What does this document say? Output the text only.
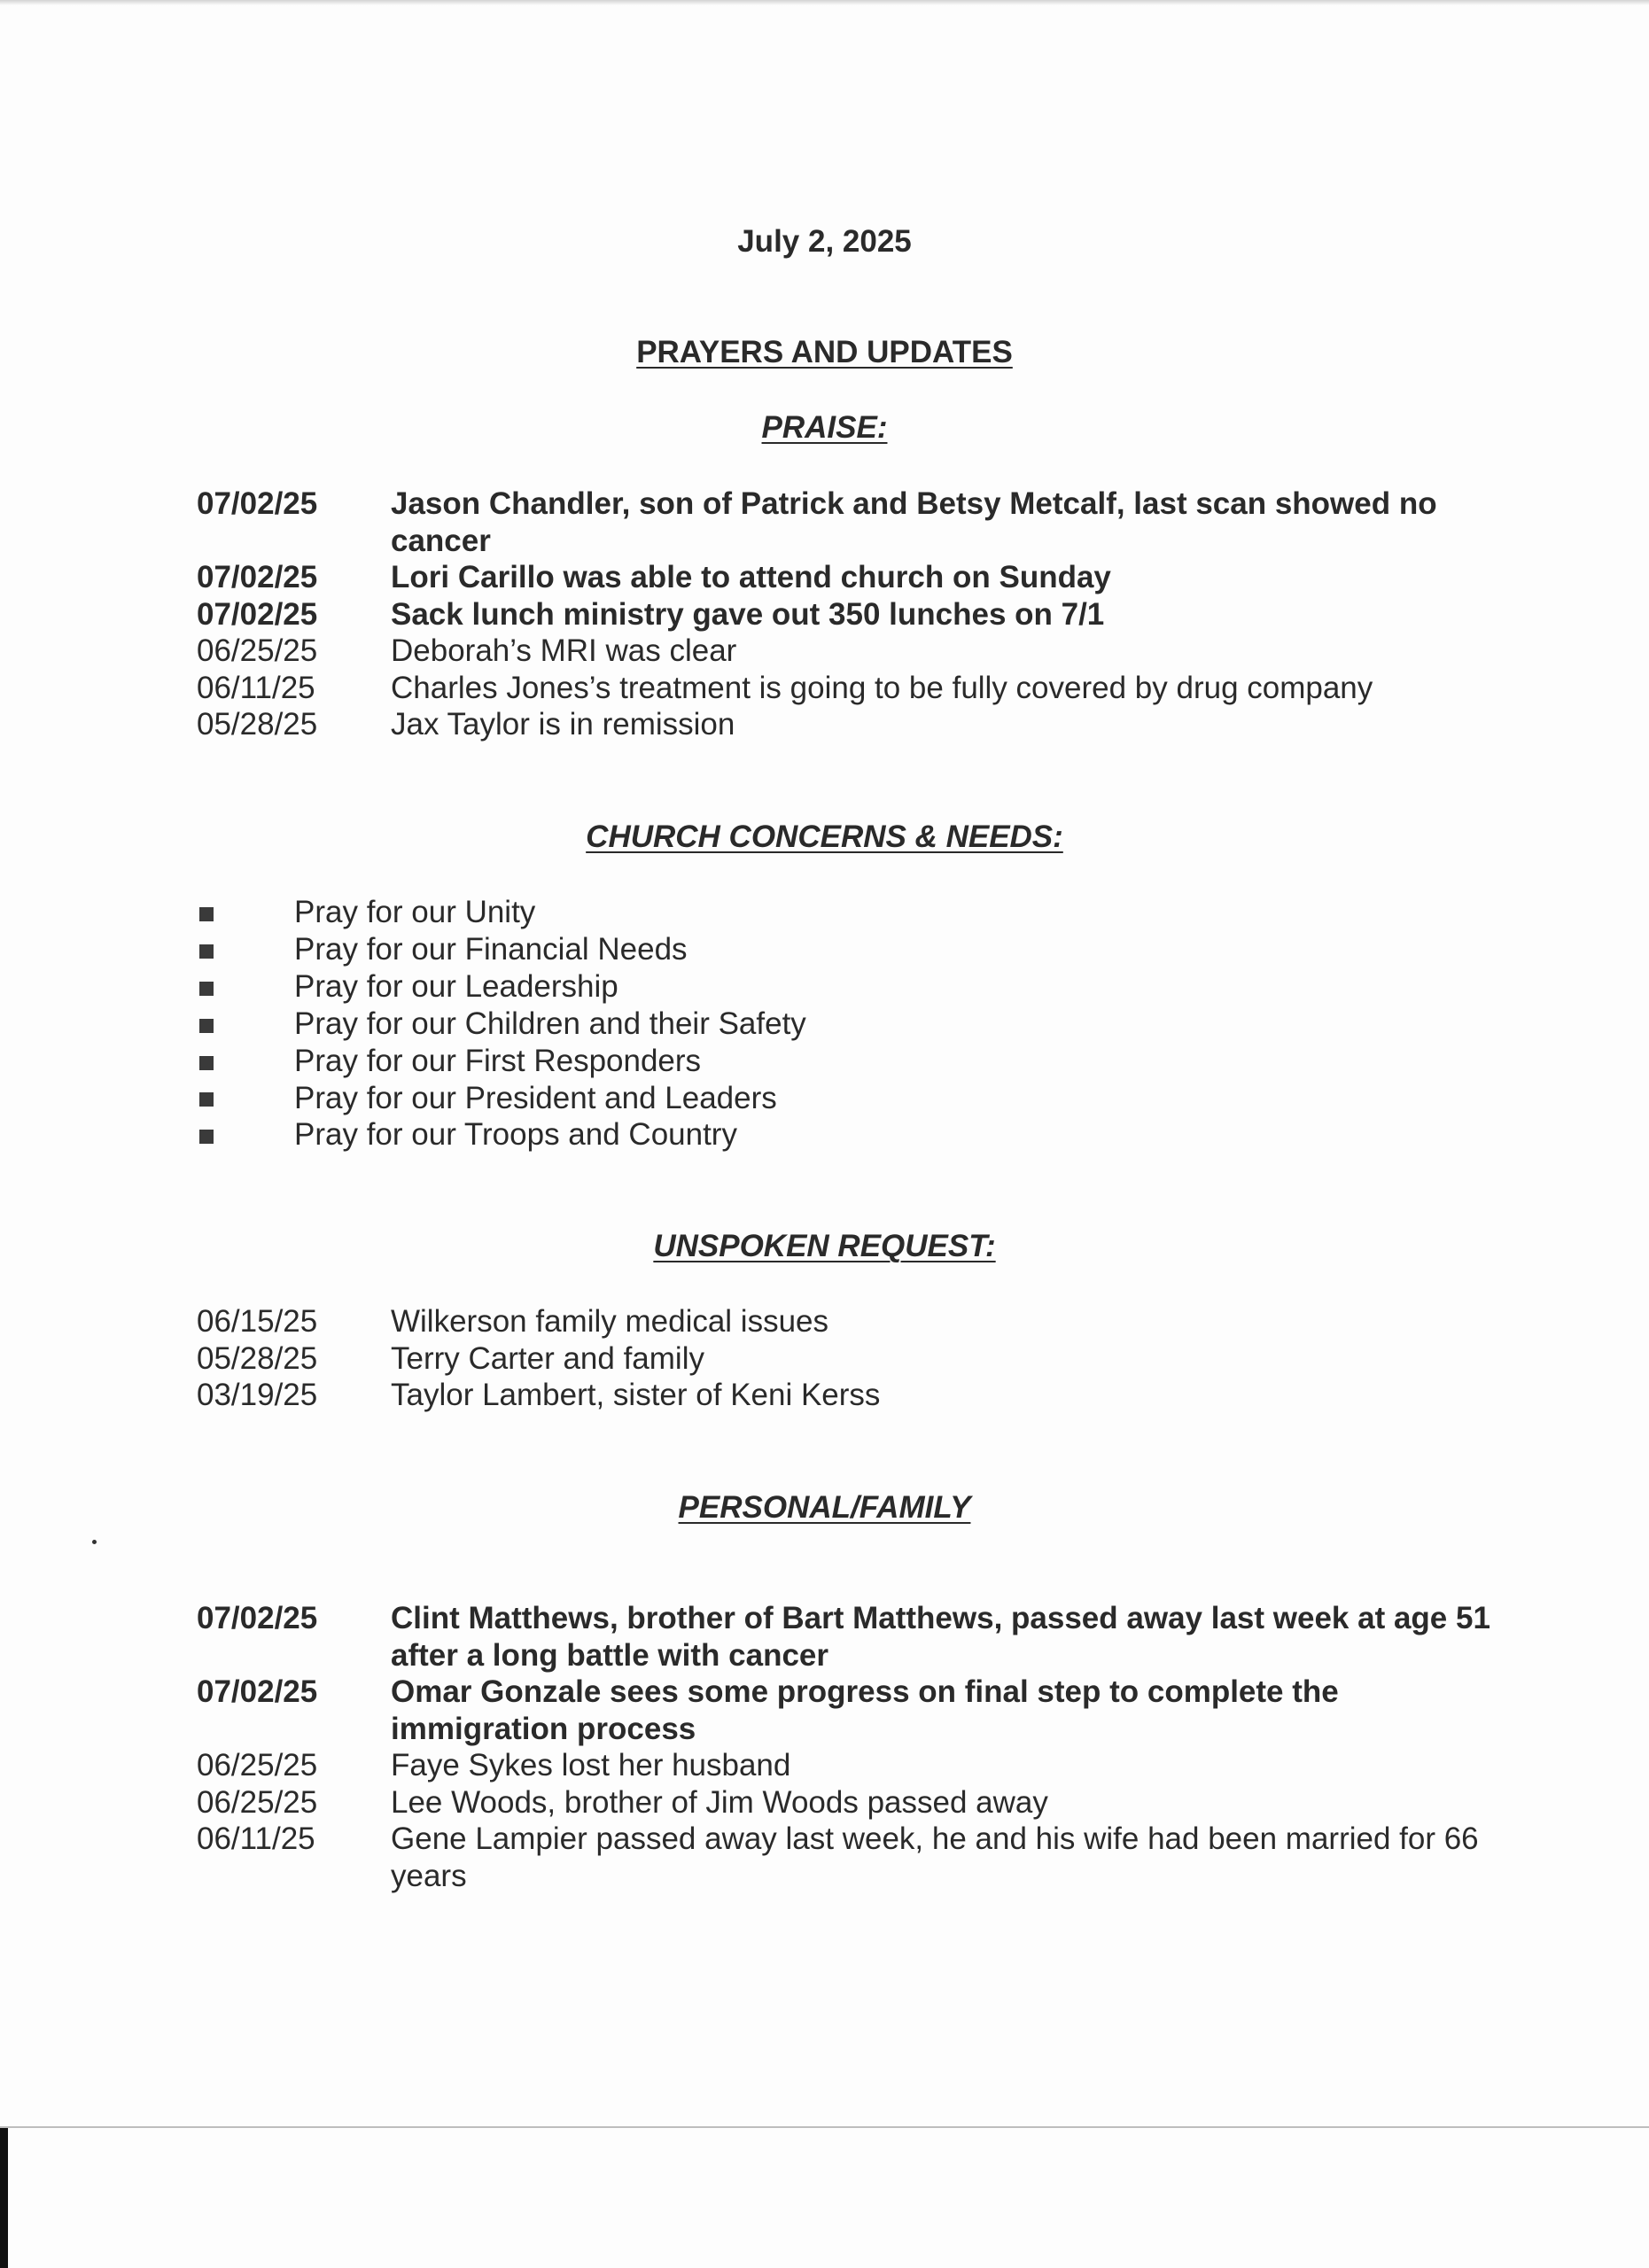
July 2, 2025
PRAYERS AND UPDATES
PRAISE:
07/02/25	Jason Chandler, son of Patrick and Betsy Metcalf, last scan showed no cancer
07/02/25	Lori Carillo was able to attend church on Sunday
07/02/25	Sack lunch ministry gave out 350 lunches on 7/1
06/25/25	Deborah’s MRI was clear
06/11/25	Charles Jones’s treatment is going to be fully covered by drug company
05/28/25	Jax Taylor is in remission
CHURCH CONCERNS & NEEDS:
Pray for our Unity
Pray for our Financial Needs
Pray for our Leadership
Pray for our Children and their Safety
Pray for our First Responders
Pray for our President and Leaders
Pray for our Troops and Country
UNSPOKEN REQUEST:
06/15/25	Wilkerson family medical issues
05/28/25	Terry Carter and family
03/19/25	Taylor Lambert, sister of Keni Kerss
PERSONAL/FAMILY
07/02/25	Clint Matthews, brother of Bart Matthews, passed away last week at age 51 after a long battle with cancer
07/02/25	Omar Gonzale sees some progress on final step to complete the immigration process
06/25/25	Faye Sykes lost her husband
06/25/25	Lee Woods, brother of Jim Woods passed away
06/11/25	Gene Lampier passed away last week, he and his wife had been married for 66 years
